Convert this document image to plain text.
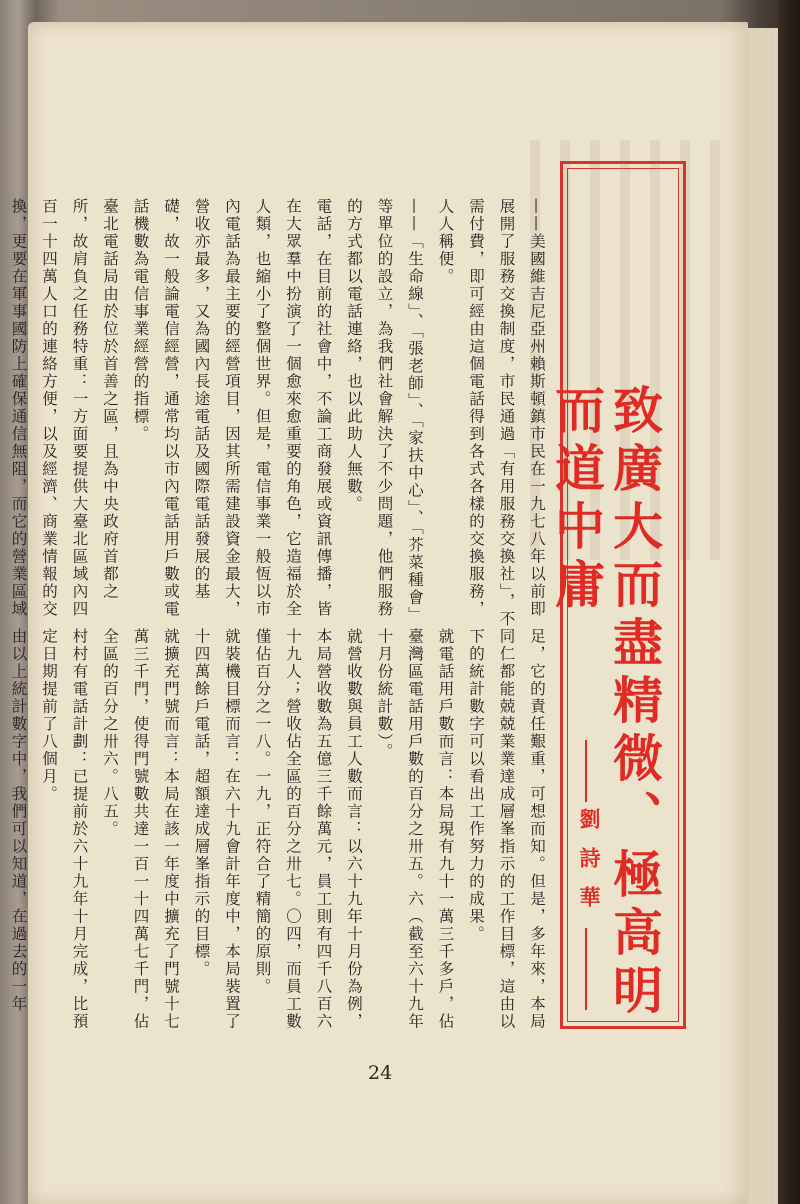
致廣大而盡精微、極高明而道中庸
劉詩華
——美國維吉尼亞州賴斯頓鎮市民在一九七八年以前即展開了服務交換制度，市民通過「有用服務交換社」，不需付費，即可經由這個電話得到各式各樣的交換服務，人人稱便。
——「生命線」、「張老師」、「家扶中心」、「芥菜種會」等單位的設立，為我們社會解決了不少問題，他們服務的方式都以電話連絡，也以此助人無數。
電話，在目前的社會中，不論工商發展或資訊傳播，皆在大眾羣中扮演了一個愈來愈重要的角色，它造福於全人類，也縮小了整個世界。但是，電信事業一般恆以市內電話為最主要的經營項目，因其所需建設資金最大，營收亦最多，又為國內長途電話及國際電話發展的基礎，故一般論電信經營，通常均以市內電話用戶數或電話機數為電信事業經營的指標。
臺北電話局由於位於首善之區，且為中央政府首都之所，故肩負之任務特重：一方面要提供大臺北區域內四百一十四萬人口的連絡方便，以及經濟、商業情報的交換，更要在軍事國防上確保通信無阻，而它的營業區域
足，它的責任艱重，可想而知。但是，多年來，本局同仁都能兢兢業業達成層峯指示的工作目標，這由以下的統計數字可以看出工作努力的成果。
就電話用戶數而言：本局現有九十一萬三千多戶，佔臺灣區電話用戶數的百分之卅五。六（截至六十九年十月份統計數）。
就營收數與員工人數而言：以六十九年十月份為例，本局營收數為五億三千餘萬元，員工則有四千八百六十九人；營收佔全區的百分之卅七。〇四，而員工數僅佔百分之一八。一九，正符合了精簡的原則。
就裝機目標而言：在六十九會計年度中，本局裝置了十四萬餘戶電話，超額達成層峯指示的目標。
就擴充門號而言：本局在該一年度中擴充了門號十七萬三千門，使得門號數共達一百一十四萬七千門，佔全區的百分之卅六。八五。
村村有電話計劃：已提前於六十九年十月完成，比預定日期提前了八個月。
由以上統計數字中，我們可以知道，在過去的一年
24
